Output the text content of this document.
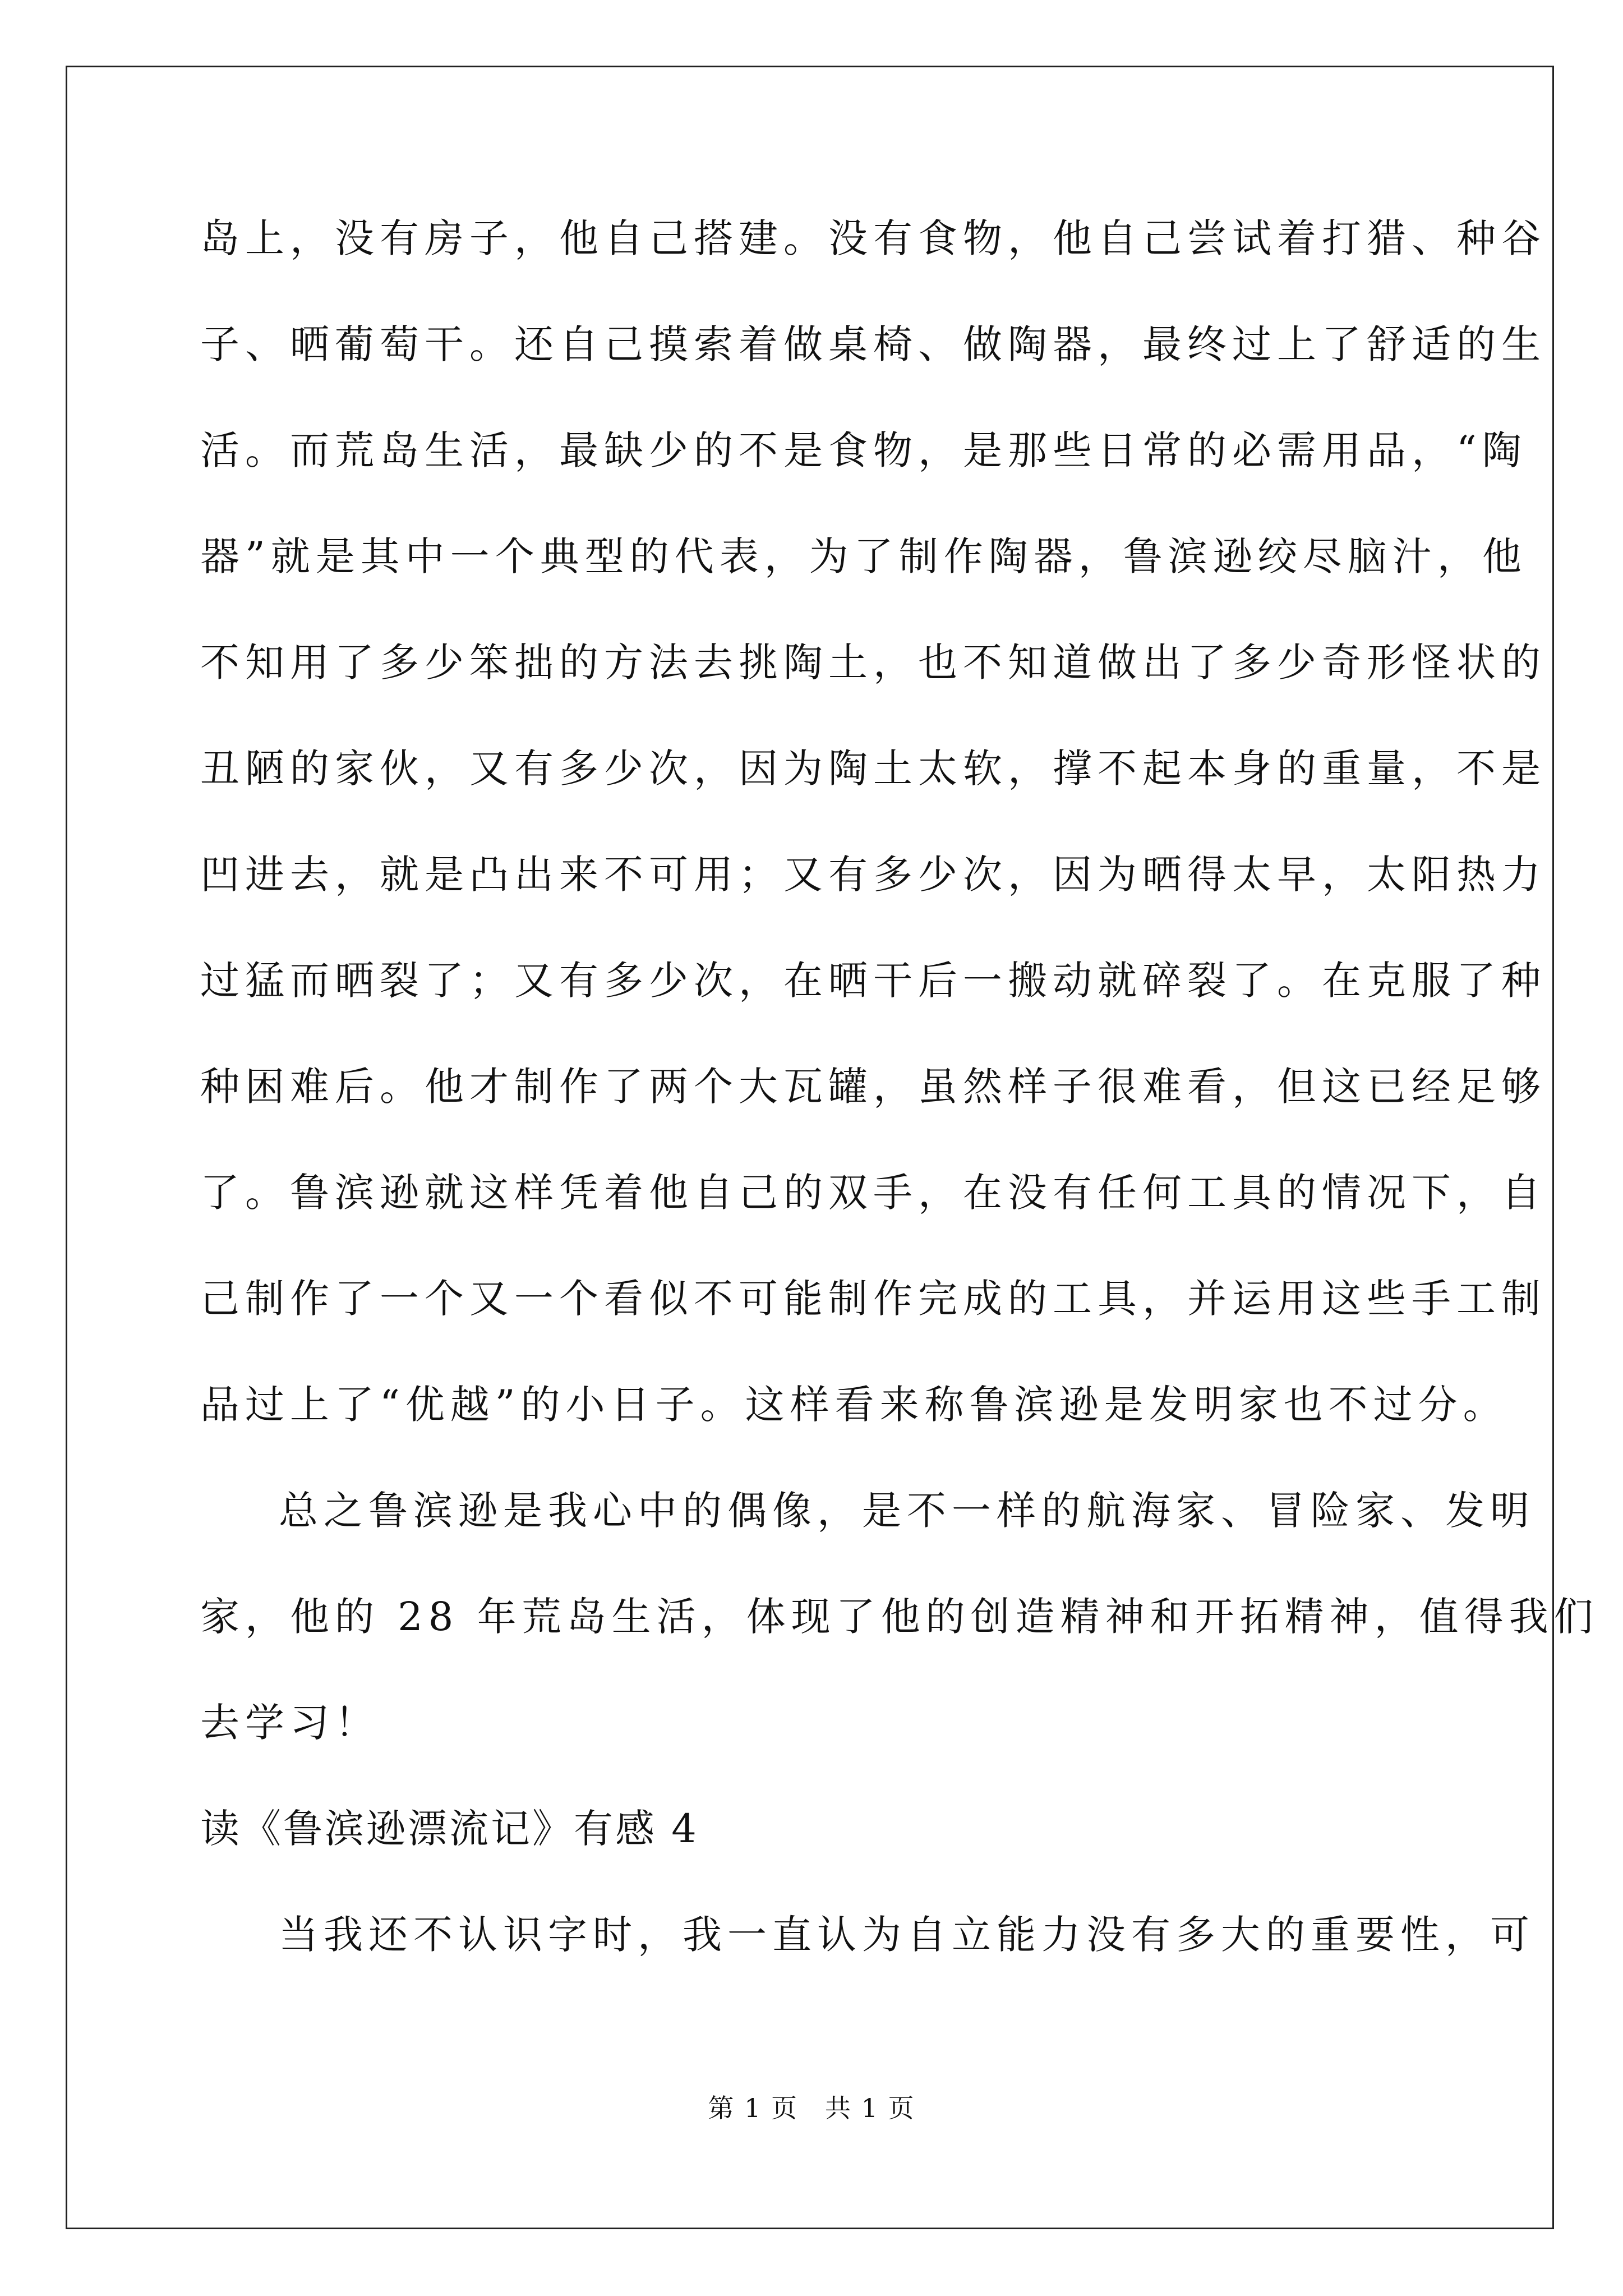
岛上，没有房子，他自己搭建。没有食物，他自己尝试着打猎、种谷
子、晒葡萄干。还自己摸索着做桌椅、做陶器，最终过上了舒适的生
活。而荒岛生活，最缺少的不是食物，是那些日常的必需用品，“陶
器”就是其中一个典型的代表，为了制作陶器，鲁滨逊绞尽脑汁，他
不知用了多少笨拙的方法去挑陶土，也不知道做出了多少奇形怪状的
丑陋的家伙，又有多少次，因为陶土太软，撑不起本身的重量，不是
凹进去，就是凸出来不可用；又有多少次，因为晒得太早，太阳热力
过猛而晒裂了；又有多少次，在晒干后一搬动就碎裂了。在克服了种
种困难后。他才制作了两个大瓦罐，虽然样子很难看，但这已经足够
了。鲁滨逊就这样凭着他自己的双手，在没有任何工具的情况下，自
己制作了一个又一个看似不可能制作完成的工具，并运用这些手工制
品过上了“优越”的小日子。这样看来称鲁滨逊是发明家也不过分。
总之鲁滨逊是我心中的偶像，是不一样的航海家、冒险家、发明
家，他的 28 年荒岛生活，体现了他的创造精神和开拓精神，值得我们
去学习！
读《鲁滨逊漂流记》有感 4
当我还不认识字时，我一直认为自立能力没有多大的重要性，可
第 1 页　共 1 页
